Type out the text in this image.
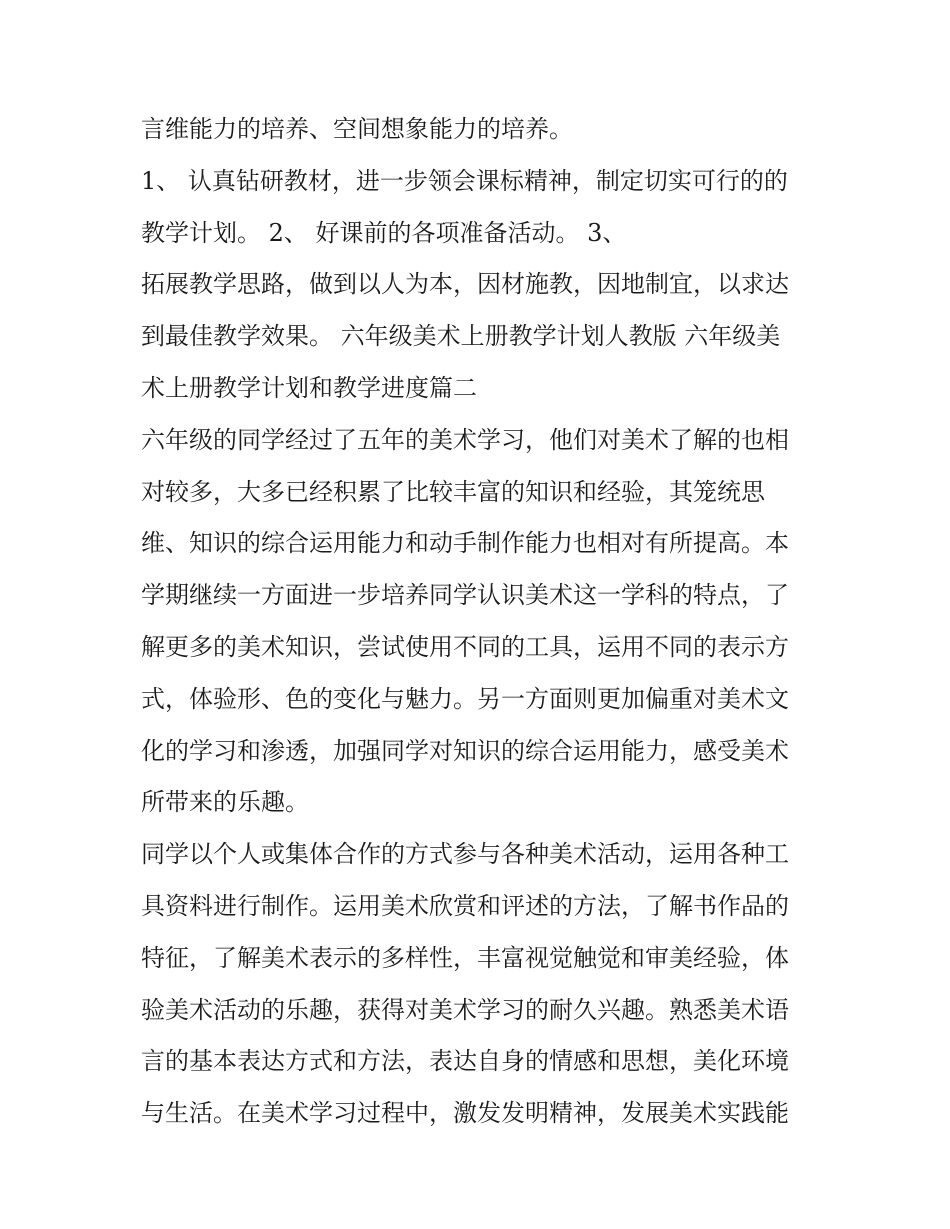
言维能力的培养、空间想象能力的培养。
1、 认真钻研教材，进一步领会课标精神，制定切实可行的的
教学计划。 2、 好课前的各项准备活动。 3、
拓展教学思路，做到以人为本，因材施教，因地制宜，以求达
到最佳教学效果。 六年级美术上册教学计划人教版 六年级美
术上册教学计划和教学进度篇二
六年级的同学经过了五年的美术学习，他们对美术了解的也相
对较多，大多已经积累了比较丰富的知识和经验，其笼统思
维、知识的综合运用能力和动手制作能力也相对有所提高。本
学期继续一方面进一步培养同学认识美术这一学科的特点，了
解更多的美术知识，尝试使用不同的工具，运用不同的表示方
式，体验形、色的变化与魅力。另一方面则更加偏重对美术文
化的学习和渗透，加强同学对知识的综合运用能力，感受美术
所带来的乐趣。
同学以个人或集体合作的方式参与各种美术活动，运用各种工
具资料进行制作。运用美术欣赏和评述的方法，了解书作品的
特征，了解美术表示的多样性，丰富视觉触觉和审美经验，体
验美术活动的乐趣，获得对美术学习的耐久兴趣。熟悉美术语
言的基本表达方式和方法，表达自身的情感和思想，美化环境
与生活。在美术学习过程中，激发发明精神，发展美术实践能
